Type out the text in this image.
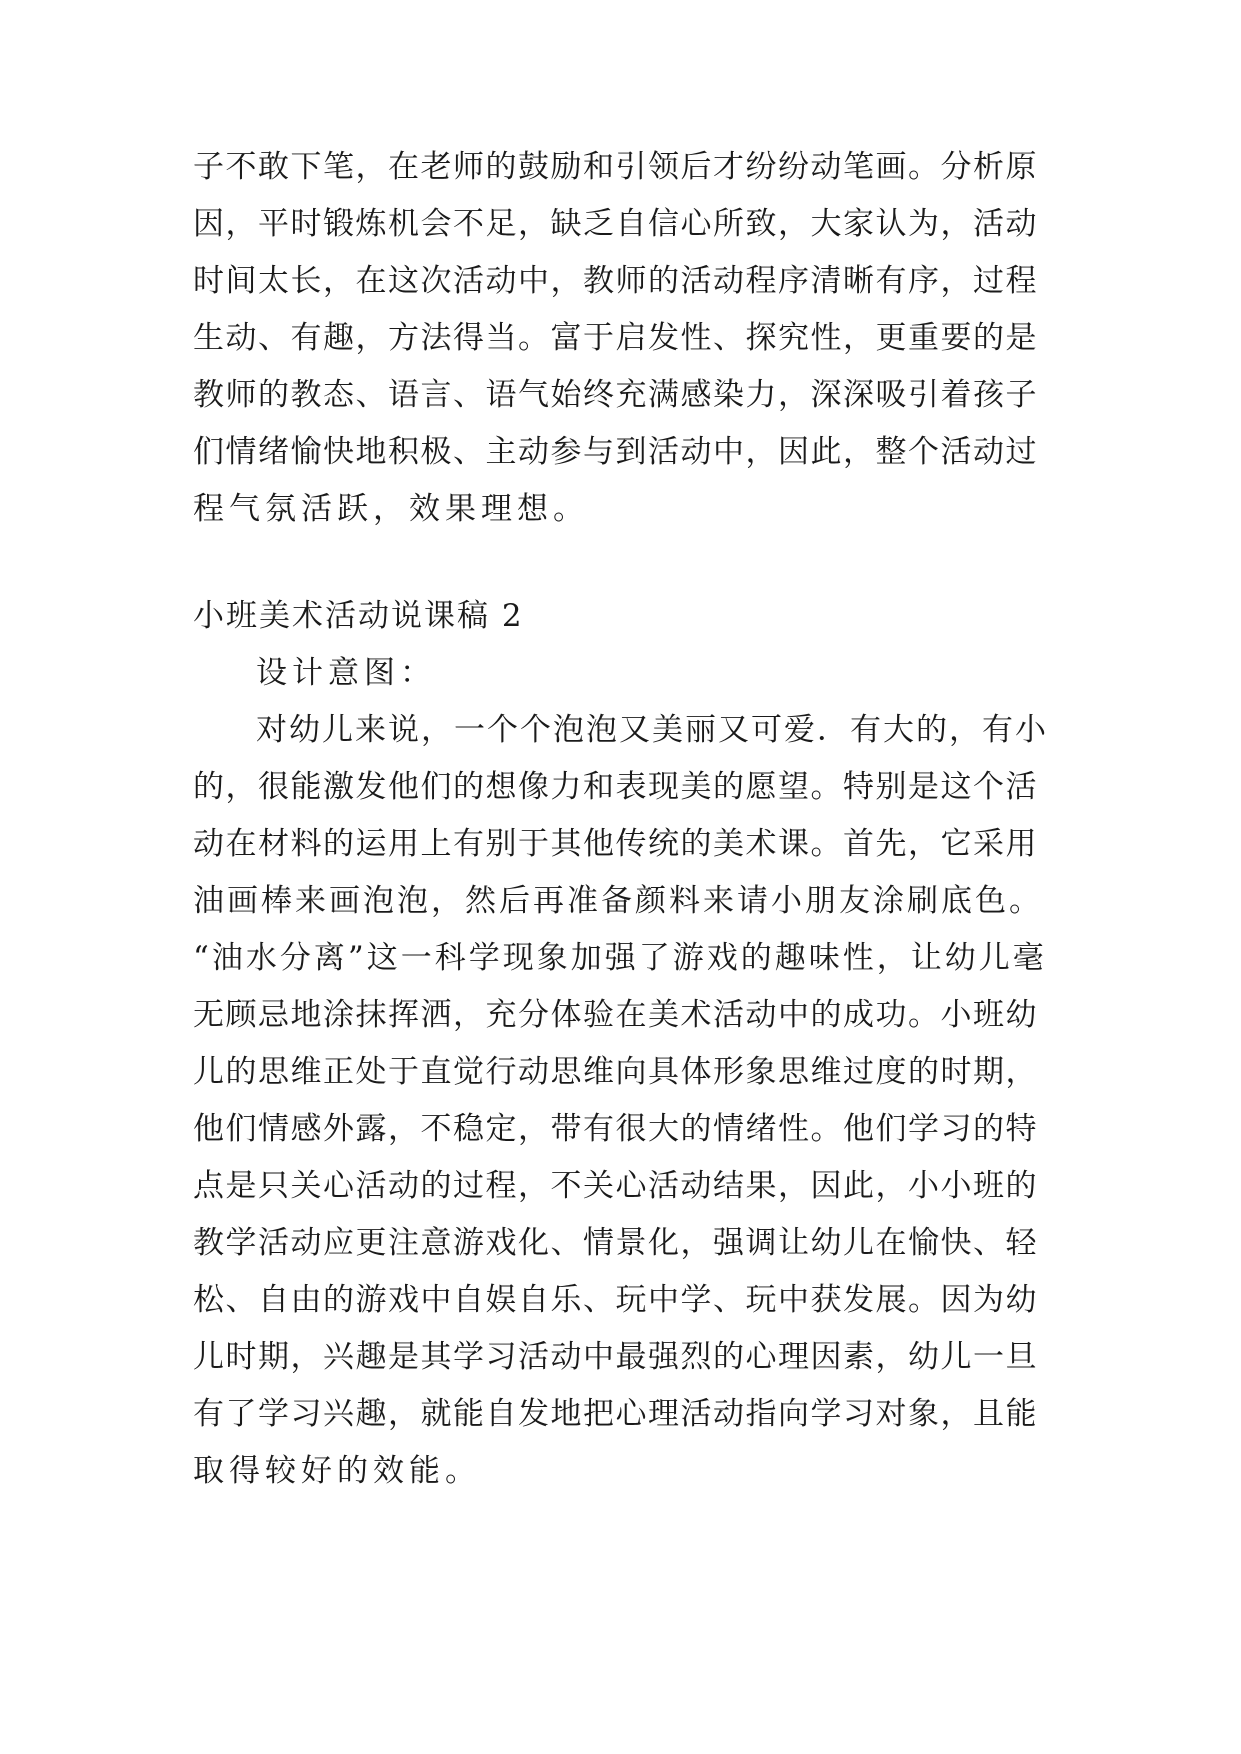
子不敢下笔，在老师的鼓励和引领后才纷纷动笔画。分析原
因，平时锻炼机会不足，缺乏自信心所致，大家认为，活动
时间太长，在这次活动中，教师的活动程序清晰有序，过程
生动、有趣，方法得当。富于启发性、探究性，更重要的是
教师的教态、语言、语气始终充满感染力，深深吸引着孩子
们情绪愉快地积极、主动参与到活动中，因此，整个活动过
程气氛活跃，效果理想。
小班美术活动说课稿 2
设计意图：
对幼儿来说，一个个泡泡又美丽又可爱．有大的，有小
的，很能激发他们的想像力和表现美的愿望。特别是这个活
动在材料的运用上有别于其他传统的美术课。首先，它采用
油画棒来画泡泡，然后再准备颜料来请小朋友涂刷底色。
“油水分离”这一科学现象加强了游戏的趣味性，让幼儿毫
无顾忌地涂抹挥洒，充分体验在美术活动中的成功。小班幼
儿的思维正处于直觉行动思维向具体形象思维过度的时期，
他们情感外露，不稳定，带有很大的情绪性。他们学习的特
点是只关心活动的过程，不关心活动结果，因此，小小班的
教学活动应更注意游戏化、情景化，强调让幼儿在愉快、轻
松、自由的游戏中自娱自乐、玩中学、玩中获发展。因为幼
儿时期，兴趣是其学习活动中最强烈的心理因素，幼儿一旦
有了学习兴趣，就能自发地把心理活动指向学习对象，且能
取得较好的效能。
